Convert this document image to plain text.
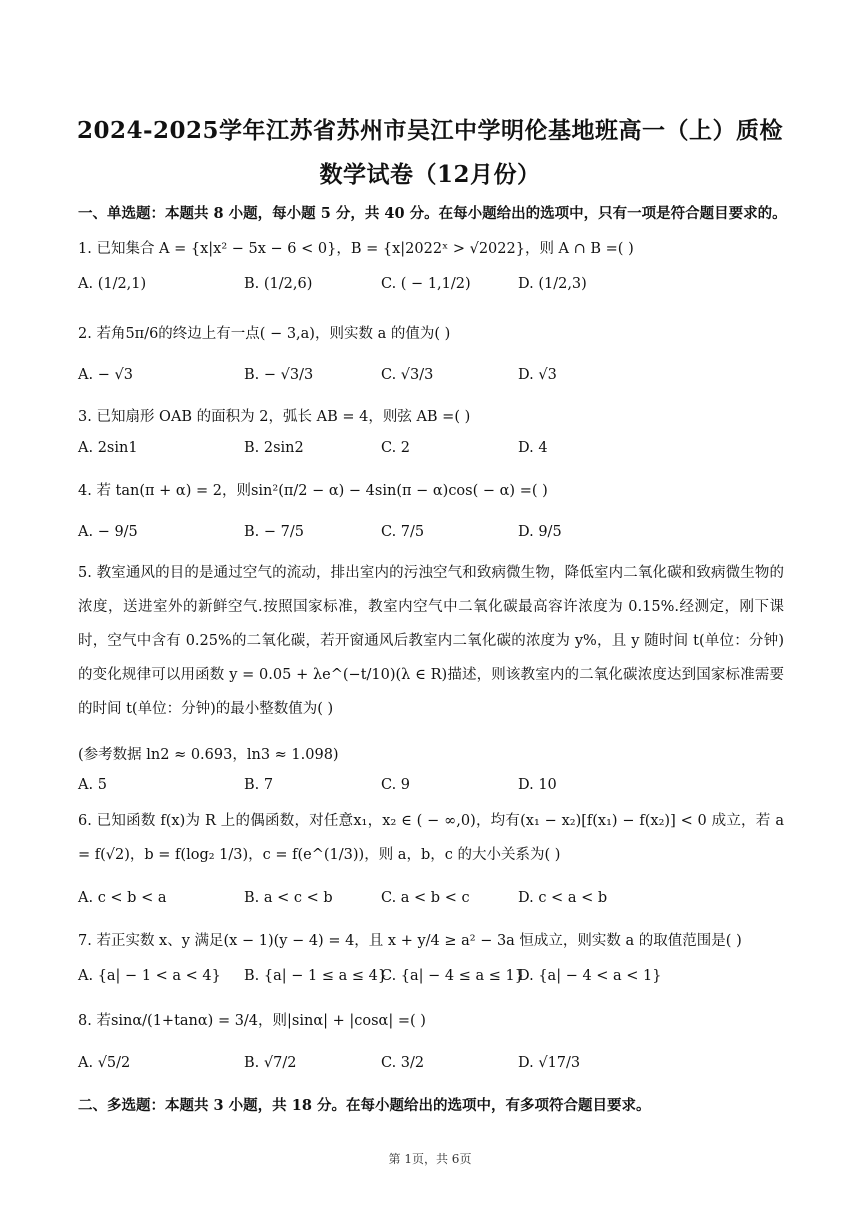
2024-2025学年江苏省苏州市吴江中学明伦基地班高一（上）质检
数学试卷（12月份）
一、单选题：本题共 8 小题，每小题 5 分，共 40 分。在每小题给出的选项中，只有一项是符合题目要求的。
1. 已知集合 A = {x|x² − 5x − 6 < 0}，B = {x|2022ˣ > √2022}，则 A ∩ B =( )
A. (1/2,1)	B. (1/2,6)	C. ( − 1,1/2)	D. (1/2,3)
2. 若角5π/6的终边上有一点( − 3,a)，则实数 a 的值为( )
A. − √3	B. − √3/3	C. √3/3	D. √3
3. 已知扇形 OAB 的面积为 2，弧长 AB = 4，则弦 AB =( )
A. 2sin1	B. 2sin2	C. 2	D. 4
4. 若 tan(π + α) = 2，则sin²(π/2 − α) − 4sin(π − α)cos( − α) =( )
A. − 9/5	B. − 7/5	C. 7/5	D. 9/5
5. 教室通风的目的是通过空气的流动，排出室内的污浊空气和致病微生物，降低室内二氧化碳和致病微生物的浓度，送进室外的新鲜空气.按照国家标准，教室内空气中二氧化碳最高容许浓度为 0.15%.经测定，刚下课时，空气中含有 0.25%的二氧化碳，若开窗通风后教室内二氧化碳的浓度为 y%，且 y 随时间 t(单位：分钟)的变化规律可以用函数 y = 0.05 + λe^(−t/10)(λ ∈ R)描述，则该教室内的二氧化碳浓度达到国家标准需要的时间 t(单位：分钟)的最小整数值为( )
(参考数据 ln2 ≈ 0.693，ln3 ≈ 1.098)
A. 5	B. 7	C. 9	D. 10
6. 已知函数 f(x)为 R 上的偶函数，对任意x₁，x₂ ∈ ( − ∞,0)，均有(x₁ − x₂)[f(x₁) − f(x₂)] < 0 成立，若 a = f(√2)，b = f(log₂ 1/3)，c = f(e^(1/3))，则 a，b，c 的大小关系为( )
A. c < b < a	B. a < c < b	C. a < b < c	D. c < a < b
7. 若正实数 x、y 满足(x − 1)(y − 4) = 4，且 x + y/4 ≥ a² − 3a 恒成立，则实数 a 的取值范围是( )
A. {a| − 1 < a < 4} B. {a| − 1 ≤ a ≤ 4}
C. {a| − 4 ≤ a ≤ 1}
D. {a| − 4 < a < 1}
8. 若sinα/(1+tanα) = 3/4，则|sinα| + |cosα| =( )
A. √5/2	B. √7/2	C. 3/2	D. √17/3
二、多选题：本题共 3 小题，共 18 分。在每小题给出的选项中，有多项符合题目要求。
第 1页，共 6页
